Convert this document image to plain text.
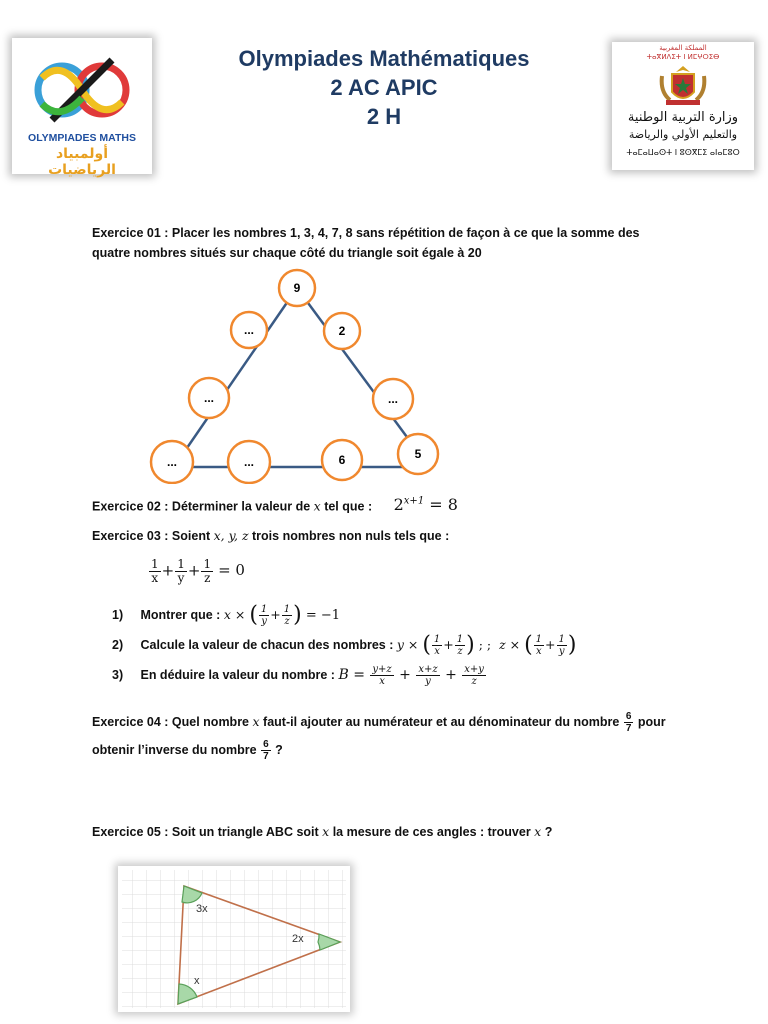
OLYMPIADES MATHS
أولمبياد الرياضيات
Olympiades Mathématiques
2 AC APIC
2 H
المملكة المغربية
ⵜⴰⴳⵍⴷⵉⵜ ⵏ ⵍⵎⵖⵔⵉⴱ
وزارة التربية الوطنية
والتعليم الأولي والرياضة
ⵜⴰⵎⴰⵡⴰⵙⵜ ⵏ ⵓⵙⴳⵎⵉ ⴰⵏⴰⵎⵓⵔ
Exercice 01 : Placer les nombres 1, 3, 4, 7, 8 sans répétition de façon à ce que la somme des
quatre nombres situés sur chaque côté du triangle soit égale à 20
9
...	2
...	...
...	...	6	5
Exercice 02 : Déterminer la valeur de x tel que : $2^{x+1} = 8$
Exercice 03 : Soient x, y, z trois nombres non nuls tels que :
$\frac{1}{x} + \frac{1}{y} + \frac{1}{z} = 0$
1) Montrer que : x × ( $\frac{1}{y} + \frac{1}{z}$ ) = −1
2) Calcule la valeur de chacun des nombres : y × ( $\frac{1}{x} + \frac{1}{z}$ ) ; ;  z × ( $\frac{1}{x} + \frac{1}{y}$ )
3) En déduire la valeur du nombre : $B = \frac{y+z}{x} + \frac{x+z}{y} + \frac{x+y}{z}$
Exercice 04 : Quel nombre x faut-il ajouter au numérateur et au dénominateur du nombre $\frac{6}{7}$ pour
obtenir l’inverse du nombre $\frac{6}{7}$ ?
Exercice 05 : Soit un triangle ABC soit x la mesure de ces angles : trouver x ?
3x
2x
x
